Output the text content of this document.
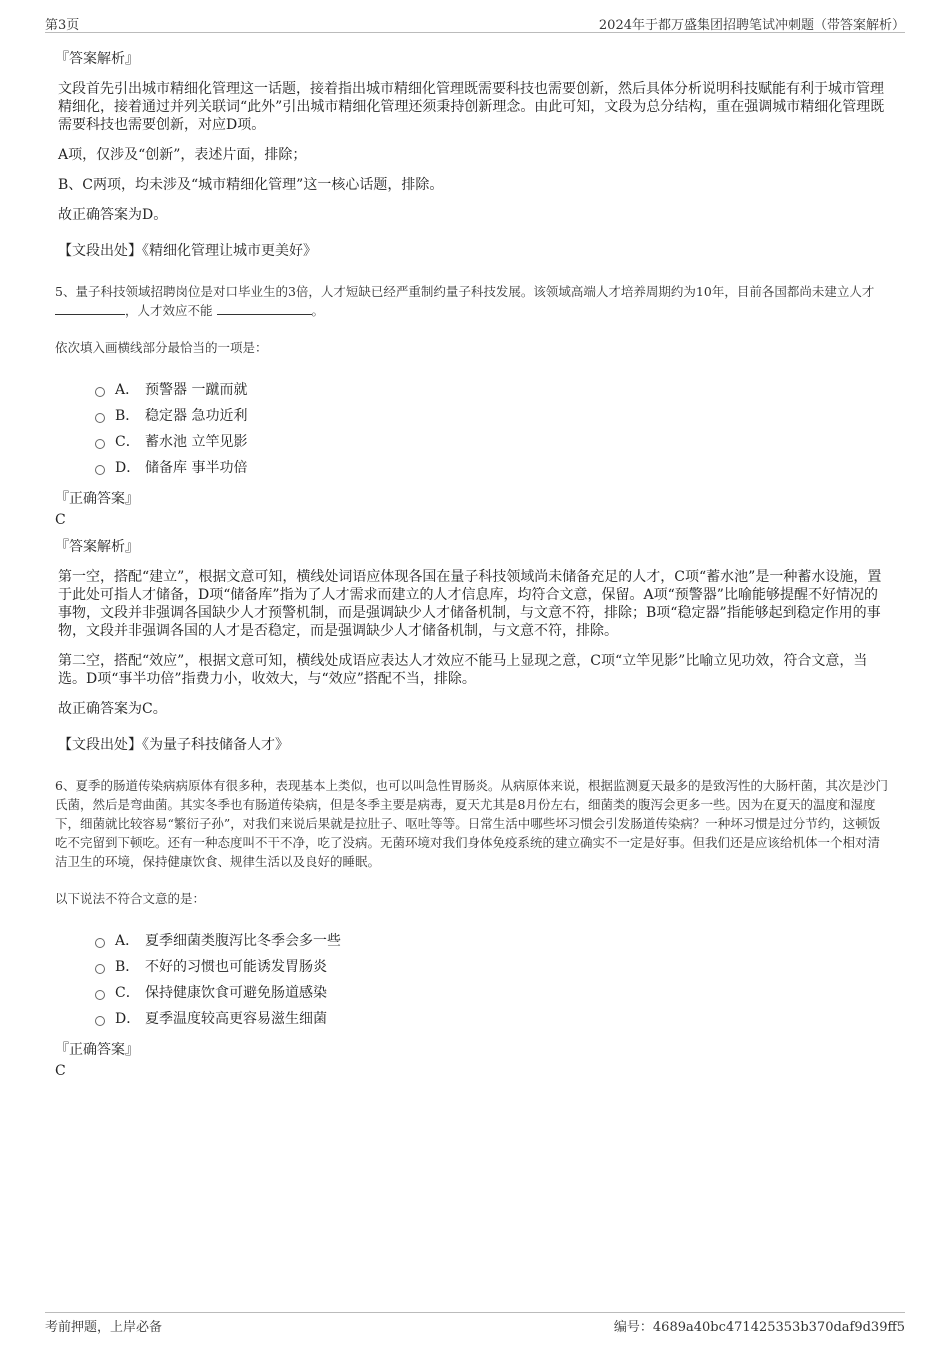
第3页	2024年于都万盛集团招聘笔试冲刺题（带答案解析）
『答案解析』

文段首先引出城市精细化管理这一话题，接着指出城市精细化管理既需要科技也需要创新，然后具体分析说明科技赋能有利于城市管理精细化，接着通过并列关联词“此外”引出城市精细化管理还须秉持创新理念。由此可知，文段为总分结构，重在强调城市精细化管理既需要科技也需要创新，对应D项。

A项，仅涉及“创新”，表述片面，排除；

B、C两项，均未涉及“城市精细化管理”这一核心话题，排除。

故正确答案为D。

【文段出处】《精细化管理让城市更美好》

5、量子科技领域招聘岗位是对口毕业生的3倍，人才短缺已经严重制约量子科技发展。该领域高端人才培养周期约为10年，目前各国都尚未建立人才 ，人才效应不能	。

依次填入画横线部分最恰当的一项是：
A． 预警器 一蹴而就
B． 稳定器 急功近利
C． 蓄水池 立竿见影
D． 储备库 事半功倍
『正确答案』
C
『答案解析』

第一空，搭配“建立”，根据文意可知，横线处词语应体现各国在量子科技领域尚未储备充足的人才，C项“蓄水池”是一种蓄水设施，置于此处可指人才储备，D项“储备库”指为了人才需求而建立的人才信息库，均符合文意，保留。A项“预警器”比喻能够提醒不好情况的事物，文段并非强调各国缺少人才预警机制，而是强调缺少人才储备机制，与文意不符，排除；B项“稳定器”指能够起到稳定作用的事物，文段并非强调各国的人才是否稳定，而是强调缺少人才储备机制，与文意不符，排除。

第二空，搭配“效应”，根据文意可知，横线处成语应表达人才效应不能马上显现之意，C项“立竿见影”比喻立见功效，符合文意，当选。D项“事半功倍”指费力小，收效大，与“效应”搭配不当，排除。

故正确答案为C。

【文段出处】《为量子科技储备人才》

6、夏季的肠道传染病病原体有很多种，表现基本上类似，也可以叫急性胃肠炎。从病原体来说，根据监测夏天最多的是致泻性的大肠杆菌，其次是沙门氏菌，然后是弯曲菌。其实冬季也有肠道传染病，但是冬季主要是病毒，夏天尤其是8月份左右，细菌类的腹泻会更多一些。因为在夏天的温度和湿度下，细菌就比较容易“繁衍子孙”，对我们来说后果就是拉肚子、呕吐等等。日常生活中哪些坏习惯会引发肠道传染病？一种坏习惯是过分节约，这顿饭吃不完留到下顿吃。还有一种态度叫不干不净，吃了没病。无菌环境对我们身体免疫系统的建立确实不一定是好事。但我们还是应该给机体一个相对清洁卫生的环境，保持健康饮食、规律生活以及良好的睡眠。

以下说法不符合文意的是：
A． 夏季细菌类腹泻比冬季会多一些
B． 不好的习惯也可能诱发胃肠炎
C． 保持健康饮食可避免肠道感染
D． 夏季温度较高更容易滋生细菌
『正确答案』
C
考前押题，上岸必备	编号：4689a40bc471425353b370daf9d39ff5
